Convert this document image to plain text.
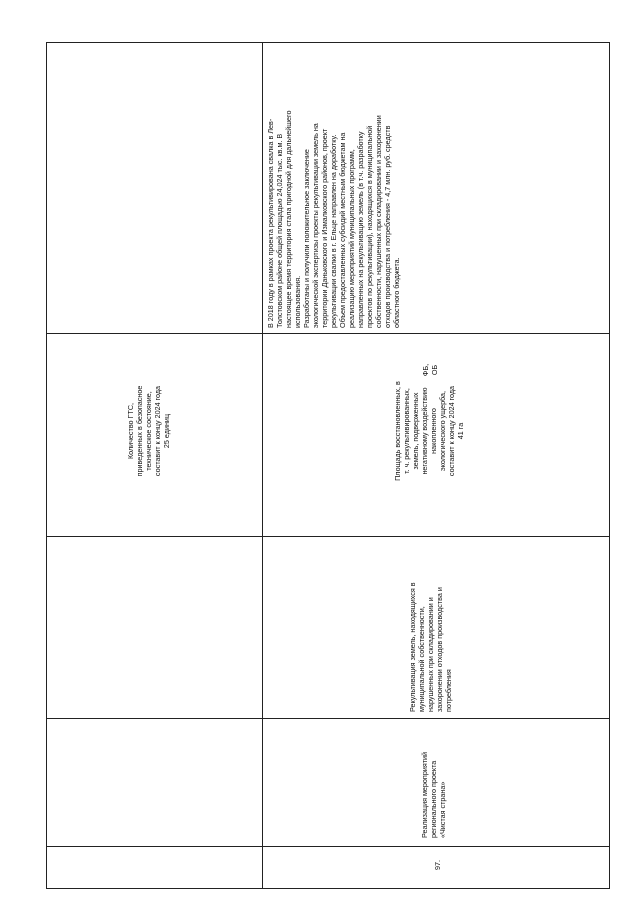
97.
Реализация мероприятий
регионального проекта
«Чистая страна»
Рекультивация земель, находящихся в
муниципальной собственности,
нарушенных при складировании и
захоронении отходов производства и
потребления
Площадь восстановленных, в
т. ч. рекультивированных,
земель, подверженных
негативному воздействию
накопленного
экологического ущерба,
составит к концу 2024 года
41 га
Количество ГТС,
приведенных в безопасное
техническое состояние,
составит к концу 2024 года
25 единиц
ФБ,
ОБ
В 2018 году в рамках проекта рекультивирована свалка в Лев-
Толстовском районе общей площадью 24,024 тыс. кв.м. В
настоящее время территория стала пригодной для дальнейшего
использования.
Разработаны и получили положительное заключение
экологической экспертизы проекты рекультивации земель на
территории Даньковского и Измалковского районов, проект
рекультивации свалки в г. Ельце направлен на доработку.
Объем предоставленных субсидий местным бюджетам на
реализацию мероприятий муниципальных программ,
направленных на рекультивацию земель (в т.ч. разработку
проектов по рекультивации), находящихся в муниципальной
собственности, нарушенных при складировании и захоронении
отходов производства и потребления - 4,7 млн. руб. средств
областного бюджета.
